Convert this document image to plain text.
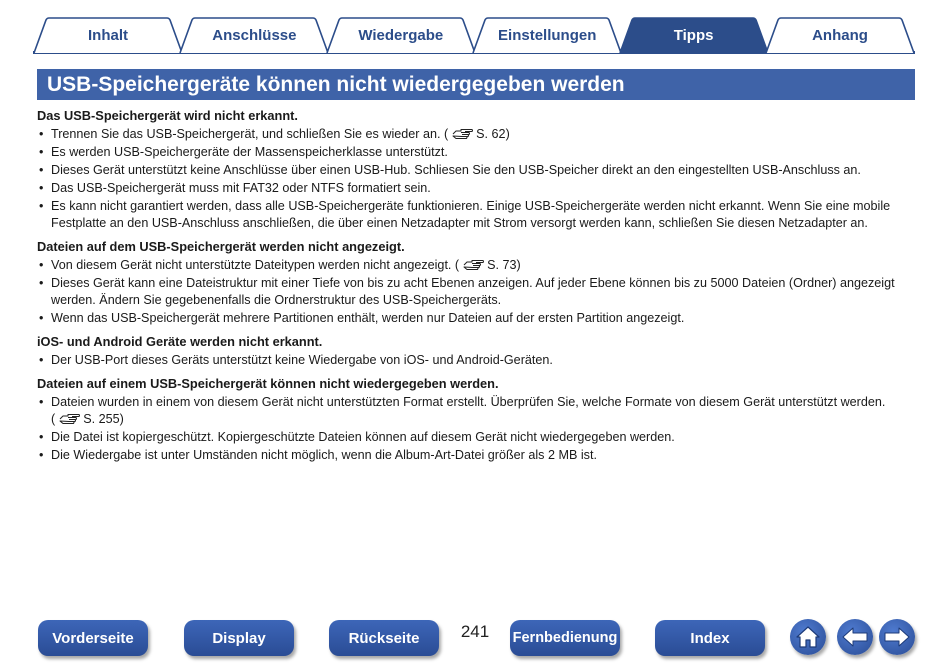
Inhalt	Anschlüsse	Wiedergabe	Einstellungen	Tipps	Anhang
USB-Speichergeräte können nicht wiedergegeben werden
Das USB-Speichergerät wird nicht erkannt.
• Trennen Sie das USB-Speichergerät, und schließen Sie es wieder an. ( S. 62)
• Es werden USB-Speichergeräte der Massenspeicherklasse unterstützt.
• Dieses Gerät unterstützt keine Anschlüsse über einen USB-Hub. Schliesen Sie den USB-Speicher direkt an den eingestellten USB-Anschluss an.
• Das USB-Speichergerät muss mit FAT32 oder NTFS formatiert sein.
• Es kann nicht garantiert werden, dass alle USB-Speichergeräte funktionieren. Einige USB-Speichergeräte werden nicht erkannt. Wenn Sie eine mobile Festplatte an den USB-Anschluss anschließen, die über einen Netzadapter mit Strom versorgt werden kann, schließen Sie diesen Netzadapter an.
Dateien auf dem USB-Speichergerät werden nicht angezeigt.
• Von diesem Gerät nicht unterstützte Dateitypen werden nicht angezeigt. ( S. 73)
• Dieses Gerät kann eine Dateistruktur mit einer Tiefe von bis zu acht Ebenen anzeigen. Auf jeder Ebene können bis zu 5000 Dateien (Ordner) angezeigt werden. Ändern Sie gegebenenfalls die Ordnerstruktur des USB-Speichergeräts.
• Wenn das USB-Speichergerät mehrere Partitionen enthält, werden nur Dateien auf der ersten Partition angezeigt.
iOS- und Android Geräte werden nicht erkannt.
• Der USB-Port dieses Geräts unterstützt keine Wiedergabe von iOS- und Android-Geräten.
Dateien auf einem USB-Speichergerät können nicht wiedergegeben werden.
• Dateien wurden in einem von diesem Gerät nicht unterstützten Format erstellt. Überprüfen Sie, welche Formate von diesem Gerät unterstützt werden. ( S. 255)
• Die Datei ist kopiergeschützt. Kopiergeschützte Dateien können auf diesem Gerät nicht wiedergegeben werden.
• Die Wiedergabe ist unter Umständen nicht möglich, wenn die Album-Art-Datei größer als 2 MB ist.
Vorderseite	Display	Rückseite	241	Fernbedienung	Index
